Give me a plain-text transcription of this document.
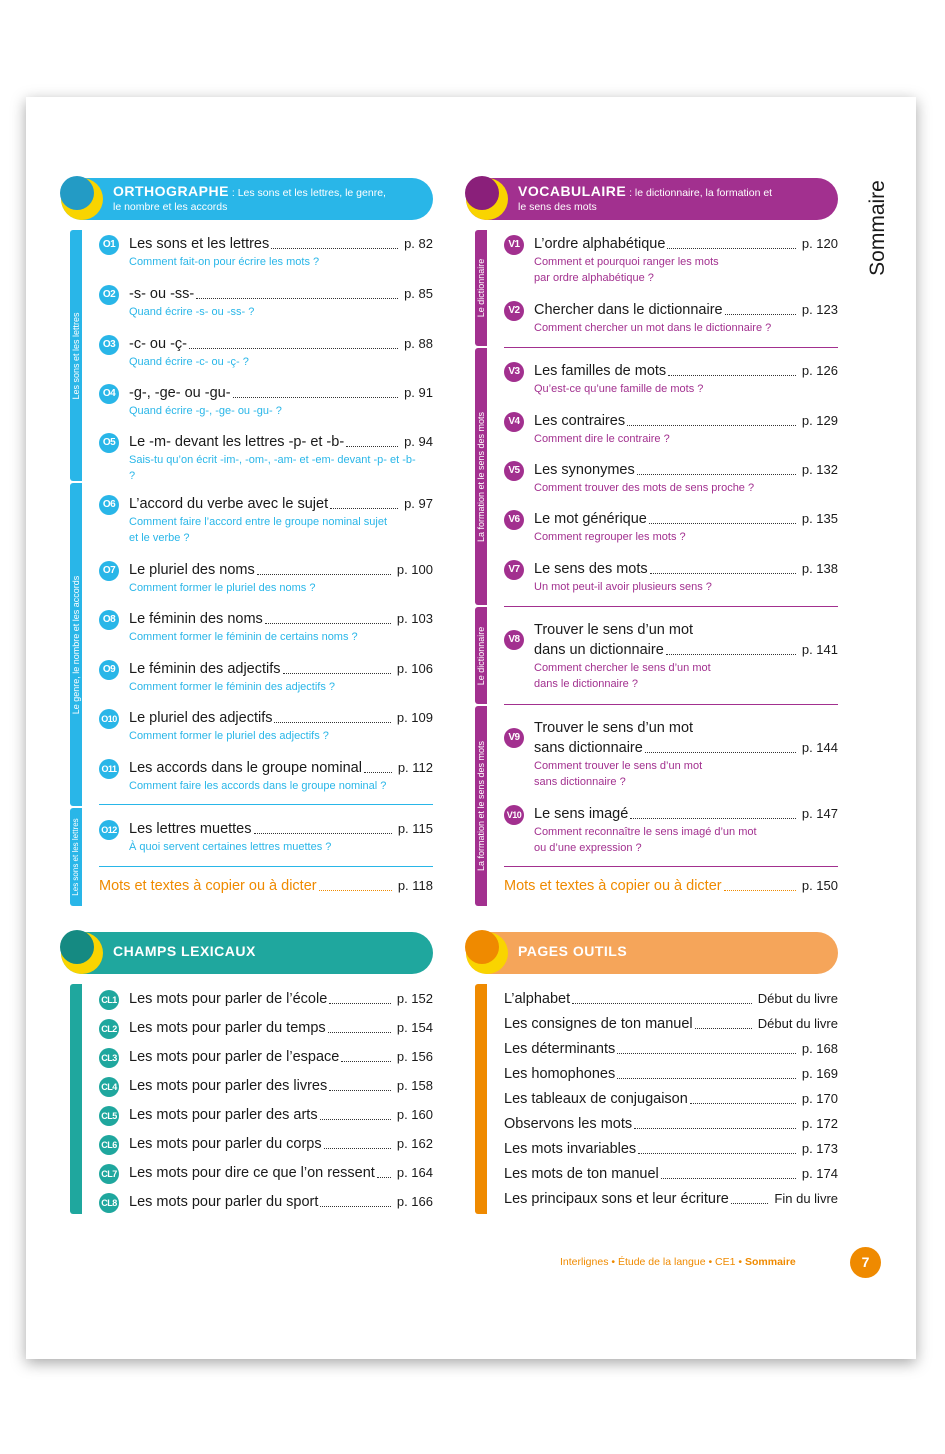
Sommaire
ORTHOGRAPHE : Les sons et les lettres, le genre,
le nombre et les accords
Les sons et les lettres
Le genre, le nombre et les accords
Les sons et les lettres
O1 Les sons et les lettres	p. 82
Comment fait-on pour écrire les mots ?
O2 -s- ou -ss-	p. 85
Quand écrire -s- ou -ss- ?
O3 -c- ou -ç-	p. 88
Quand écrire -c- ou -ç- ?
O4 -g-, -ge- ou -gu-	p. 91
Quand écrire -g-, -ge- ou -gu- ?
O5 Le -m- devant les lettres -p- et -b-	p. 94
Sais-tu qu’on écrit -im-, -om-, -am- et -em- devant -p- et -b- ?
O6 L’accord du verbe avec le sujet	p. 97
Comment faire l’accord entre le groupe nominal sujet
et le verbe ?
O7 Le pluriel des noms	p. 100
Comment former le pluriel des noms ?
O8 Le féminin des noms	p. 103
Comment former le féminin de certains noms ?
O9 Le féminin des adjectifs	p. 106
Comment former le féminin des adjectifs ?
O10 Le pluriel des adjectifs	p. 109
Comment former le pluriel des adjectifs ?
O11 Les accords dans le groupe nominal	p. 112
Comment faire les accords dans le groupe nominal ?
O12 Les lettres muettes	p. 115
À quoi servent certaines lettres muettes ?
Mots et textes à copier ou à dicter	p. 118
VOCABULAIRE : le dictionnaire, la formation et
le sens des mots
Le dictionnaire
La formation et le sens des mots
Le dictionnaire
La formation et le sens des mots
V1 L’ordre alphabétique	p. 120
Comment et pourquoi ranger les mots
par ordre alphabétique ?
V2 Chercher dans le dictionnaire	p. 123
Comment chercher un mot dans le dictionnaire ?
V3 Les familles de mots	p. 126
Qu’est-ce qu’une famille de mots ?
V4 Les contraires	p. 129
Comment dire le contraire ?
V5 Les synonymes	p. 132
Comment trouver des mots de sens proche ?
V6 Le mot générique	p. 135
Comment regrouper les mots ?
V7 Le sens des mots	p. 138
Un mot peut-il avoir plusieurs sens ?
V8
Trouver le sens d’un mot
dans un dictionnaire	p. 141
Comment chercher le sens d’un mot
dans le dictionnaire ?
V9
Trouver le sens d’un mot
sans dictionnaire	p. 144
Comment trouver le sens d’un mot
sans dictionnaire ?
V10 Le sens imagé	p. 147
Comment reconnaître le sens imagé d’un mot
ou d’une expression ?
Mots et textes à copier ou à dicter	p. 150
CHAMPS LEXICAUX
CL1 Les mots pour parler de l’école	p. 152
CL2 Les mots pour parler du temps	p. 154
CL3 Les mots pour parler de l’espace	p. 156
CL4 Les mots pour parler des livres	p. 158
CL5 Les mots pour parler des arts	p. 160
CL6 Les mots pour parler du corps	p. 162
CL7 Les mots pour dire ce que l’on ressent p. 164
CL8 Les mots pour parler du sport	p. 166
PAGES OUTILS
L’alphabet	Début du livre
Les consignes de ton manuel	Début du livre
Les déterminants	p. 168
Les homophones	p. 169
Les tableaux de conjugaison	p. 170
Observons les mots	p. 172
Les mots invariables	p. 173
Les mots de ton manuel	p. 174
Les principaux sons et leur écriture	Fin du livre
Interlignes • Étude de la langue • CE1 • Sommaire	7
